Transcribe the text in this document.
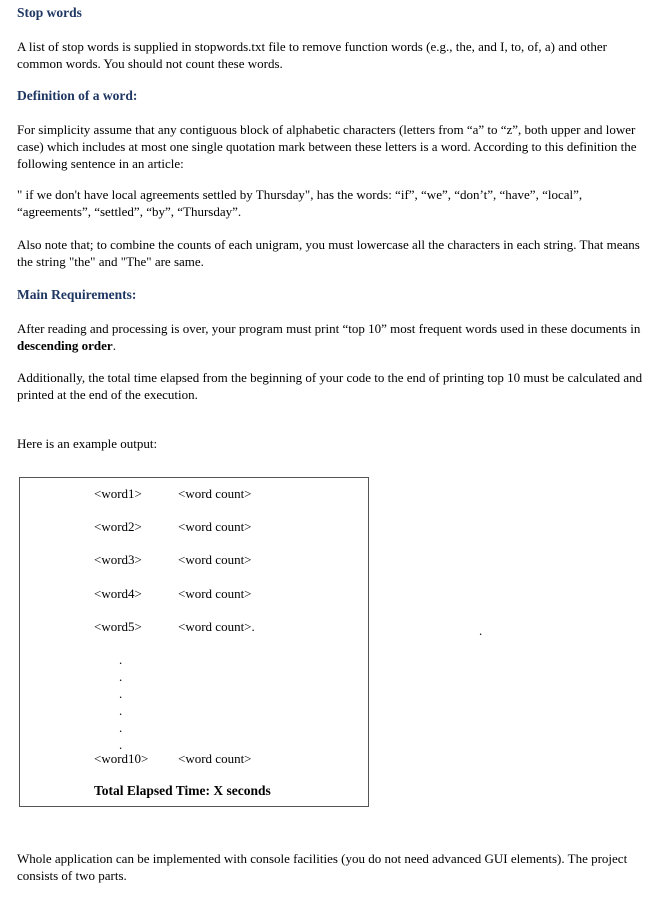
Stop words

A list of stop words is supplied in stopwords.txt file to remove function words (e.g., the, and I, to, of, a) and other common words. You should not count these words.

Definition of a word:

For simplicity assume that any contiguous block of alphabetic characters (letters from “a” to “z”, both upper and lower case) which includes at most one single quotation mark between these letters is a word. According to this definition the following sentence in an article:

" if we don't have local agreements settled by Thursday", has the words: “if”, “we”, “don’t”, “have”, “local”, “agreements”, “settled”, “by”, “Thursday”.

Also note that; to combine the counts of each unigram, you must lowercase all the characters in each string. That means the string "the" and "The" are same.

Main Requirements:

After reading and processing is over, your program must print “top 10” most frequent words used in these documents in descending order.

Additionally, the total time elapsed from the beginning of your code to the end of printing top 10 must be calculated and printed at the end of the execution.

Here is an example output:

<word1>	<word count>
<word2>	<word count>
<word3>	<word count>
<word4>	<word count>
<word5>	<word count>.
.
.
.
.
.
.
<word10> <word count>
Total Elapsed Time: X seconds
.

Whole application can be implemented with console facilities (you do not need advanced GUI elements). The project consists of two parts.
